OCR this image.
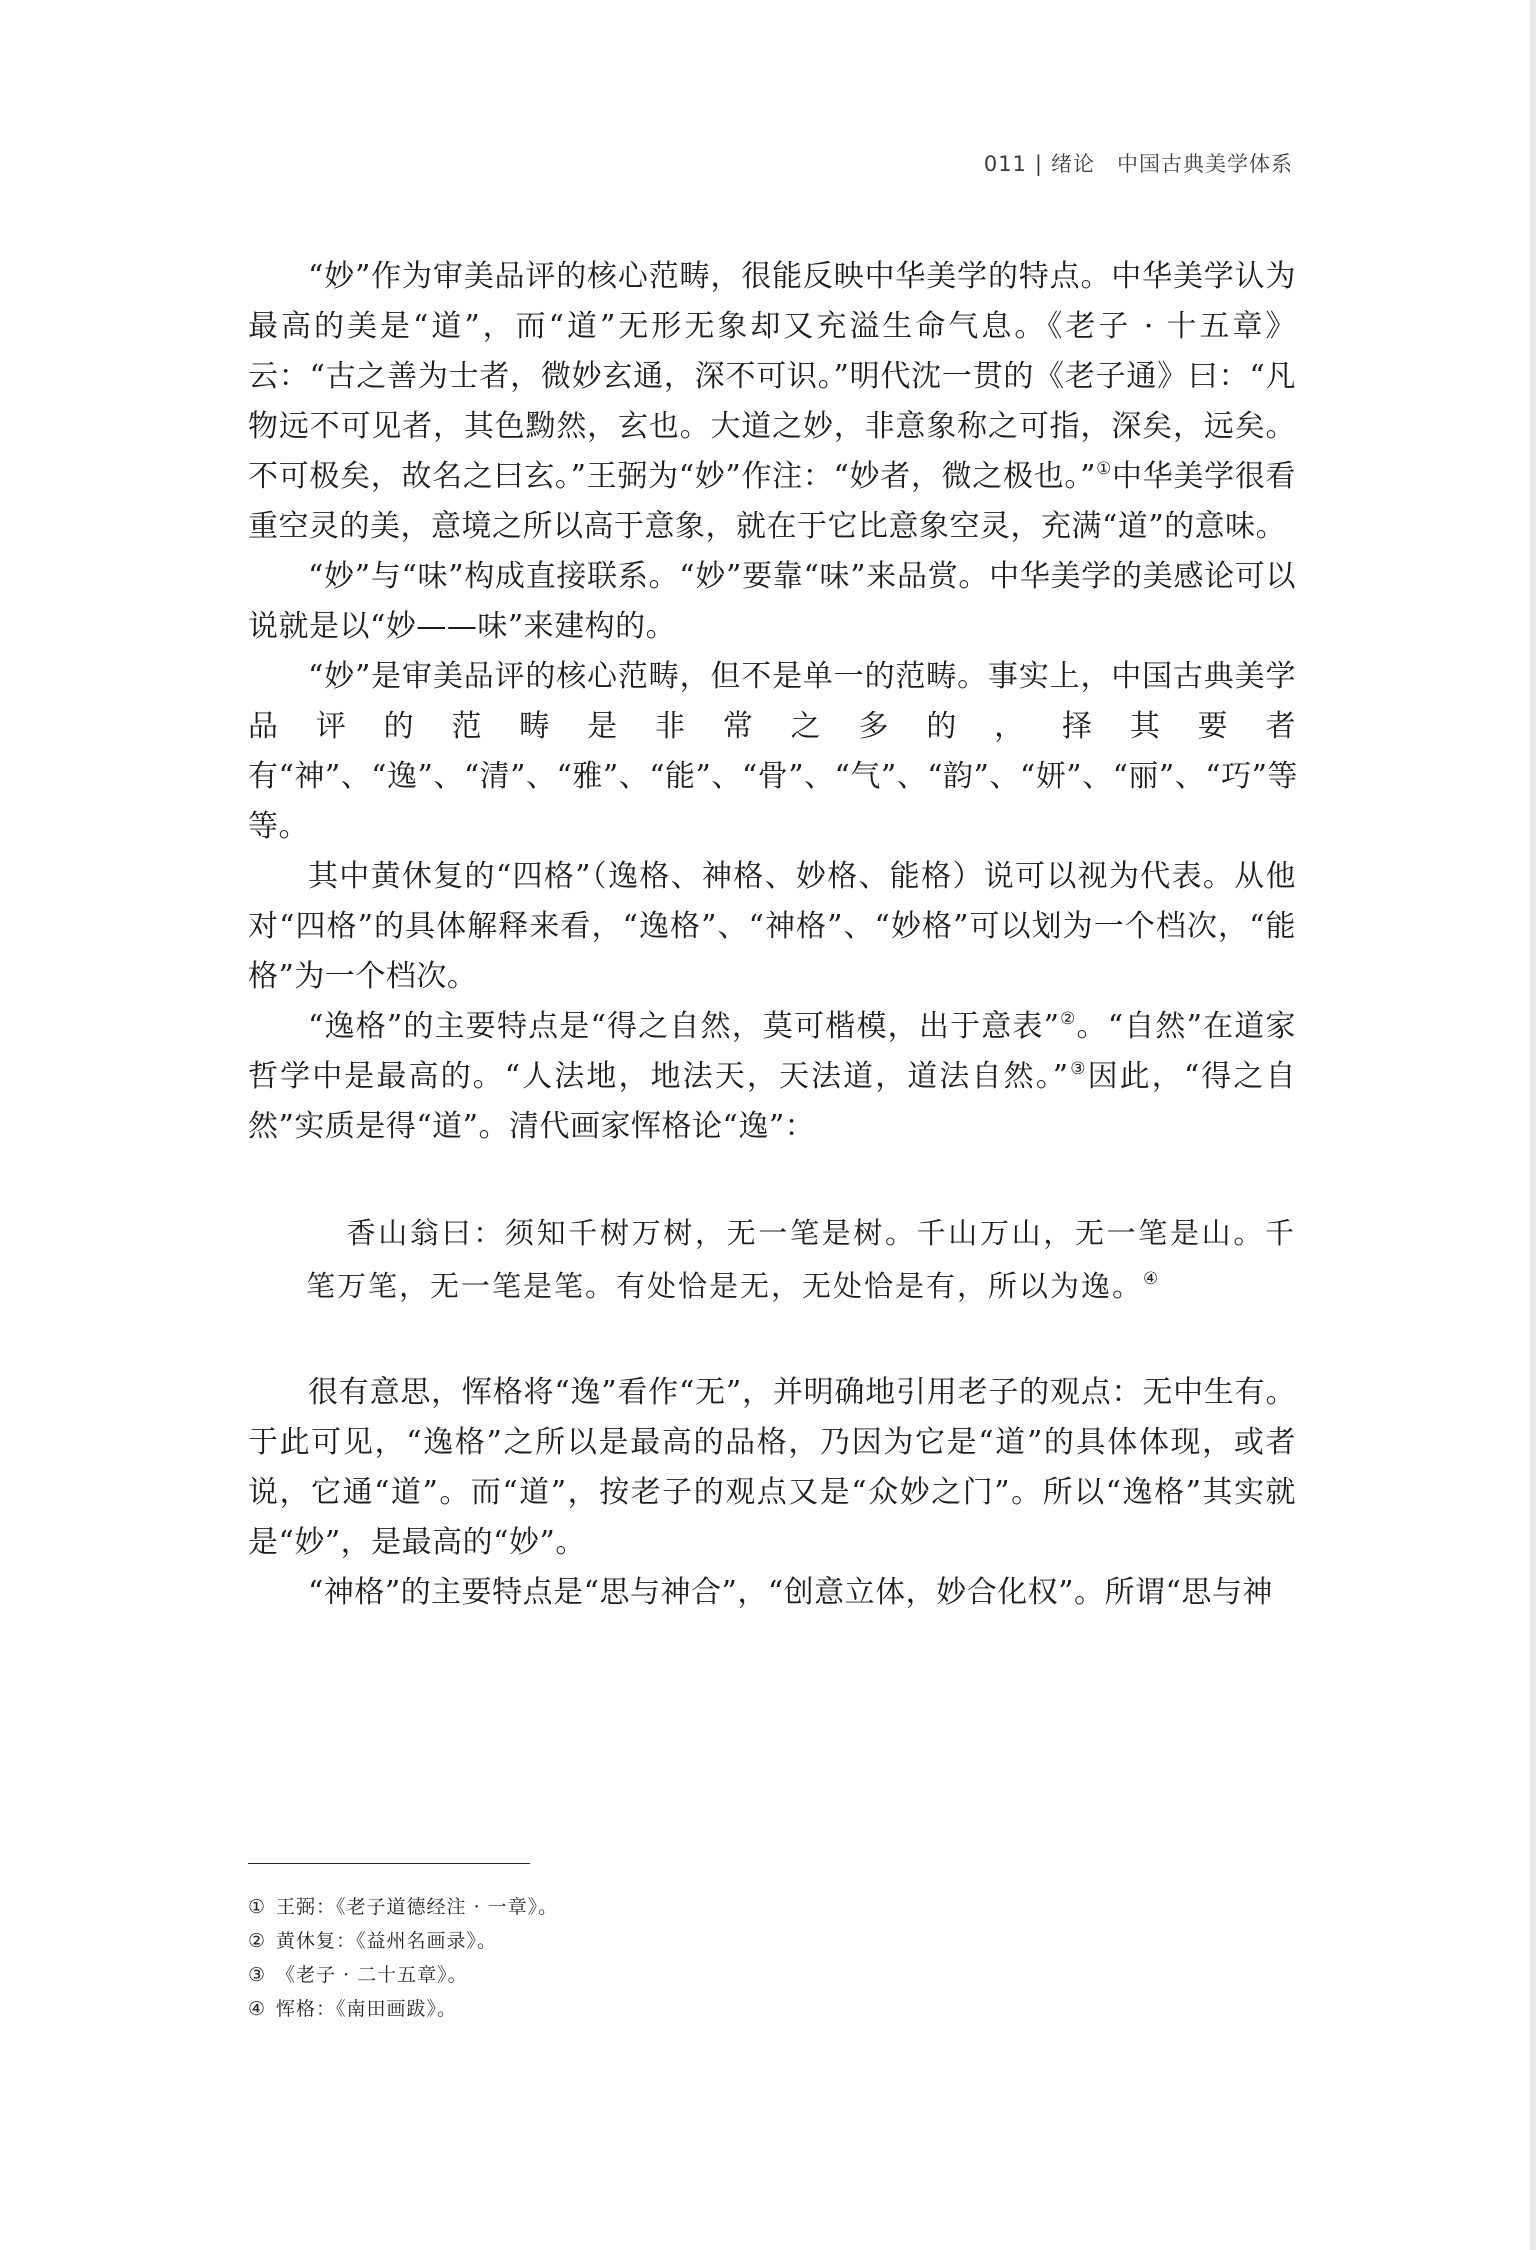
011 | 绪论 中国古典美学体系

“妙”作为审美品评的核心范畴，很能反映中华美学的特点。中华美学认为最高的美是“道”，而“道”无形无象却又充溢生命气息。《老子 · 十五章》云：“古之善为士者，微妙玄通，深不可识。”明代沈一贯的《老子通》曰：“凡物远不可见者，其色黝然，玄也。大道之妙，非意象称之可指，深矣，远矣。不可极矣，故名之曰玄。”王弼为“妙”作注：“妙者，微之极也。”①中华美学很看重空灵的美，意境之所以高于意象，就在于它比意象空灵，充满“道”的意味。

“妙”与“味”构成直接联系。“妙”要靠“味”来品赏。中华美学的美感论可以说就是以“妙——味”来建构的。

“妙”是审美品评的核心范畴，但不是单一的范畴。事实上，中国古典美学品评的范畴是非常之多的，择其要者有“神”、“逸”、“清”、“雅”、“能”、“骨”、“气”、“韵”、“妍”、“丽”、“巧”等等。

其中黄休复的“四格”（逸格、神格、妙格、能格）说可以视为代表。从他对“四格”的具体解释来看，“逸格”、“神格”、“妙格”可以划为一个档次，“能格”为一个档次。

“逸格”的主要特点是“得之自然，莫可楷模，出于意表”②。“自然”在道家哲学中是最高的。“人法地，地法天，天法道，道法自然。”③因此，“得之自然”实质是得“道”。清代画家恽格论“逸”：

香山翁曰：须知千树万树，无一笔是树。千山万山，无一笔是山。千笔万笔，无一笔是笔。有处恰是无，无处恰是有，所以为逸。④

很有意思，恽格将“逸”看作“无”，并明确地引用老子的观点：无中生有。于此可见，“逸格”之所以是最高的品格，乃因为它是“道”的具体体现，或者说，它通“道”。而“道”，按老子的观点又是“众妙之门”。所以“逸格”其实就是“妙”，是最高的“妙”。

“神格”的主要特点是“思与神合”，“创意立体，妙合化权”。所谓“思与神

① 王弼：《老子道德经注 · 一章》。
② 黄休复：《益州名画录》。
③ 《老子 · 二十五章》。
④ 恽格：《南田画跋》。
